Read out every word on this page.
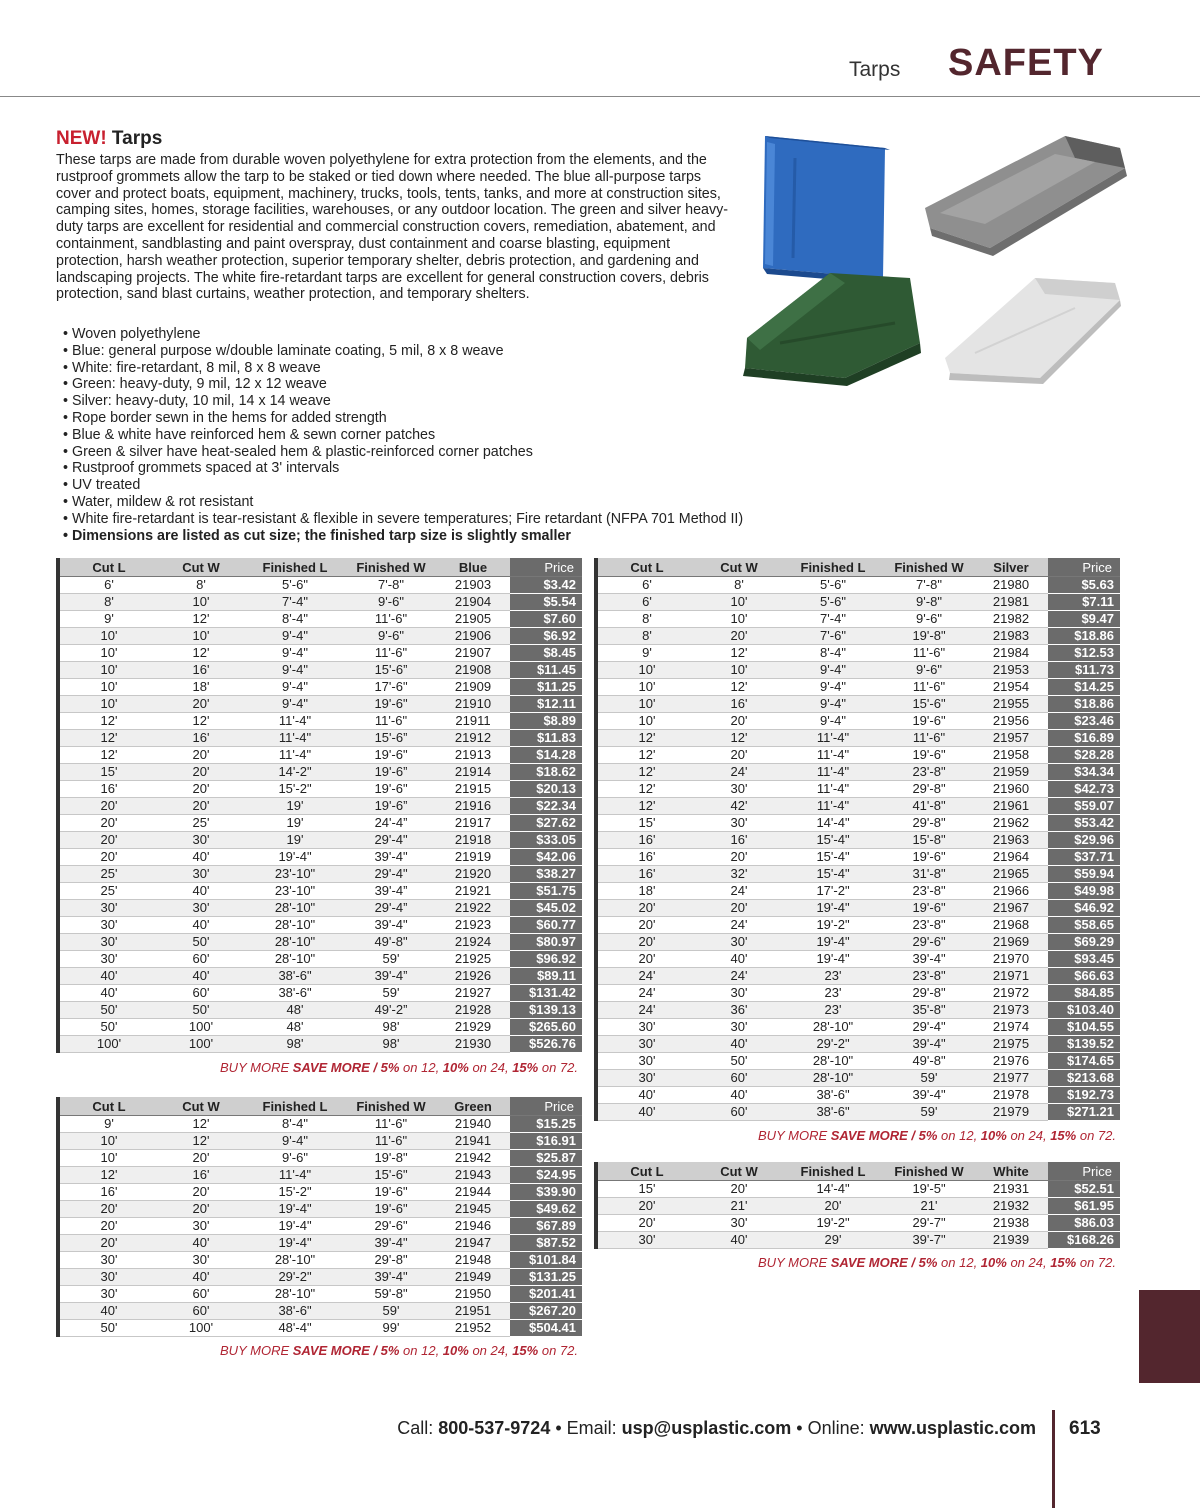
Tarps SAFETY
NEW! Tarps
These tarps are made from durable woven polyethylene for extra protection from the elements, and the rustproof grommets allow the tarp to be staked or tied down where needed. The blue all-purpose tarps cover and protect boats, equipment, machinery, trucks, tools, tents, tanks, and more at construction sites, camping sites, homes, storage facilities, warehouses, or any outdoor location. The green and silver heavy-duty tarps are excellent for residential and commercial construction covers, remediation, abatement, and containment, sandblasting and paint overspray, dust containment and coarse blasting, equipment protection, harsh weather protection, superior temporary shelter, debris protection, and gardening and landscaping projects. The white fire-retardant tarps are excellent for general construction covers, debris protection, sand blast curtains, weather protection, and temporary shelters.
• Woven polyethylene
• Blue: general purpose w/double laminate coating, 5 mil, 8 x 8 weave
• White: fire-retardant, 8 mil, 8 x 8 weave
• Green: heavy-duty, 9 mil, 12 x 12 weave
• Silver: heavy-duty, 10 mil, 14 x 14 weave
• Rope border sewn in the hems for added strength
• Blue & white have reinforced hem & sewn corner patches
• Green & silver have heat-sealed hem & plastic-reinforced corner patches
• Rustproof grommets spaced at 3' intervals
• UV treated
• Water, mildew & rot resistant
• White fire-retardant is tear-resistant & flexible in severe temperatures; Fire retardant (NFPA 701 Method II)
• Dimensions are listed as cut size; the finished tarp size is slightly smaller
Cut L	Cut W	Finished L	Finished W	Blue	Price
6'	8'	5'-6"	7'-8"	21903	$3.42
8'	10'	7'-4"	9'-6"	21904	$5.54
9'	12'	8'-4"	11'-6"	21905	$7.60
10'	10'	9'-4"	9'-6"	21906	$6.92
10'	12'	9'-4"	11'-6"	21907	$8.45
10'	16'	9'-4"	15'-6”	21908	$11.45
10'	18'	9'-4"	17'-6"	21909	$11.25
10'	20'	9'-4"	19'-6"	21910	$12.11
12'	12'	11'-4"	11'-6"	21911	$8.89
12'	16'	11'-4"	15'-6”	21912	$11.83
12'	20'	11'-4"	19'-6"	21913	$14.28
15'	20'	14'-2"	19'-6”	21914	$18.62
16'	20'	15'-2"	19'-6"	21915	$20.13
20'	20'	19'	19'-6”	21916	$22.34
20'	25'	19'	24'-4”	21917	$27.62
20'	30'	19'	29'-4"	21918	$33.05
20'	40'	19'-4"	39'-4"	21919	$42.06
25'	30'	23'-10"	29'-4"	21920	$38.27
25'	40'	23'-10"	39'-4”	21921	$51.75
30'	30'	28'-10"	29'-4”	21922	$45.02
30'	40'	28'-10"	39'-4"	21923	$60.77
30'	50'	28'-10"	49'-8"	21924	$80.97
30'	60'	28'-10"	59'	21925	$96.92
40'	40'	38'-6"	39'-4”	21926	$89.11
40'	60'	38'-6"	59'	21927	$131.42
50'	50'	48'	49'-2”	21928	$139.13
50'	100'	48'	98'	21929	$265.60
100'	100'	98'	98'	21930	$526.76
BUY MORE SAVE MORE / 5% on 12, 10% on 24, 15% on 72.
Cut L	Cut W	Finished L	Finished W	Green	Price
9'	12'	8'-4"	11'-6"	21940	$15.25
10'	12'	9'-4"	11'-6"	21941	$16.91
10'	20'	9'-6"	19'-8"	21942	$25.87
12'	16'	11'-4"	15'-6"	21943	$24.95
16'	20'	15'-2"	19'-6"	21944	$39.90
20'	20'	19'-4"	19'-6"	21945	$49.62
20'	30'	19'-4"	29'-6"	21946	$67.89
20'	40'	19'-4"	39'-4"	21947	$87.52
30'	30'	28'-10"	29'-8"	21948	$101.84
30'	40'	29'-2"	39'-4"	21949	$131.25
30'	60'	28'-10"	59'-8"	21950	$201.41
40'	60'	38'-6"	59'	21951	$267.20
50'	100'	48'-4"	99'	21952	$504.41
BUY MORE SAVE MORE / 5% on 12, 10% on 24, 15% on 72.
Cut L	Cut W	Finished L	Finished W	Silver	Price
6'	8'	5'-6"	7'-8"	21980	$5.63
6'	10'	5'-6"	9'-8"	21981	$7.11
8'	10'	7'-4"	9'-6"	21982	$9.47
8'	20'	7'-6"	19'-8"	21983	$18.86
9'	12'	8'-4"	11'-6"	21984	$12.53
10'	10'	9'-4"	9'-6"	21953	$11.73
10'	12'	9'-4"	11'-6"	21954	$14.25
10'	16'	9'-4"	15'-6"	21955	$18.86
10'	20'	9'-4"	19'-6"	21956	$23.46
12'	12'	11'-4"	11'-6"	21957	$16.89
12'	20'	11'-4"	19'-6"	21958	$28.28
12'	24'	11'-4"	23'-8"	21959	$34.34
12'	30'	11'-4"	29'-8"	21960	$42.73
12'	42'	11'-4"	41'-8"	21961	$59.07
15'	30'	14'-4"	29'-8"	21962	$53.42
16'	16'	15'-4"	15'-8"	21963	$29.96
16'	20'	15'-4"	19'-6"	21964	$37.71
16'	32'	15'-4"	31'-8"	21965	$59.94
18'	24'	17'-2"	23'-8"	21966	$49.98
20'	20'	19'-4"	19'-6"	21967	$46.92
20'	24'	19'-2"	23'-8"	21968	$58.65
20'	30'	19'-4"	29'-6"	21969	$69.29
20'	40'	19'-4"	39'-4"	21970	$93.45
24'	24'	23'	23'-8"	21971	$66.63
24'	30'	23'	29'-8"	21972	$84.85
24'	36'	23'	35'-8"	21973	$103.40
30'	30'	28'-10"	29'-4"	21974	$104.55
30'	40'	29'-2"	39'-4"	21975	$139.52
30'	50'	28'-10"	49'-8"	21976	$174.65
30'	60'	28'-10"	59'	21977	$213.68
40'	40'	38'-6"	39'-4"	21978	$192.73
40'	60'	38'-6"	59'	21979	$271.21
BUY MORE SAVE MORE / 5% on 12, 10% on 24, 15% on 72.
Cut L	Cut W	Finished L	Finished W	White	Price
15'	20'	14'-4"	19'-5"	21931	$52.51
20'	21'	20'	21'	21932	$61.95
20'	30'	19'-2"	29'-7"	21938	$86.03
30'	40'	29'	39'-7"	21939	$168.26
BUY MORE SAVE MORE / 5% on 12, 10% on 24, 15% on 72.
Call: 800-537-9724 • Email: usp@usplastic.com • Online: www.usplastic.com 613
